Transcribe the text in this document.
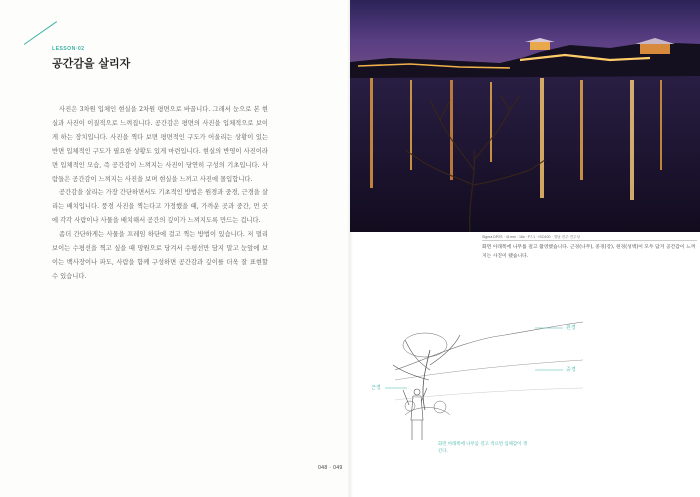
LESSON·02
공간감을 살리자

사진은 3차원 입체인 현실을 2차원 평면으로 바꿉니다. 그래서 눈으로 본 현실과 사진이 이질적으로 느껴집니다. 공간감은 평면의 사진을 입체적으로 보이게 하는 장치입니다. 사진을 찍다 보면 평면적인 구도가 어울리는 상황이 있는 반면 입체적인 구도가 필요한 상황도 있게 마련입니다. 현실의 반영이 사진이라면 입체적인 모습, 즉 공간감이 느껴지는 사진이 당연히 구성의 기초입니다. 사람들은 공간감이 느껴지는 사진을 보며 현실을 느끼고 사진에 몰입합니다.

공간감을 살리는 가장 간단하면서도 기초적인 방법은 원경과 중경, 근경을 살리는 배치입니다. 풍경 사진을 찍는다고 가정했을 때, 가까운 곳과 중간, 먼 곳에 각각 사람이나 사물을 배치해서 공간의 깊이가 느껴지도록 만드는 겁니다.

좀더 간단하게는 사물을 프레임 하단에 걸고 찍는 방법이 있습니다. 저 멀리 보이는 수평선을 찍고 싶을 때 망원으로 당겨서 수평선만 담지 말고 눈앞에 보이는 백사장이나 파도, 사람을 함께 구성하면 공간감과 깊이를 더욱 잘 표현할 수 있습니다.

048 · 049
Sigma DP2S · 41mm · 16s · F7.1 · ISO100 · 경남 진주 진주성
화면 아래쪽에 나무를 걸고 촬영했습니다. 근경(나무), 중경(강), 원경(성벽)이 모두 담겨 공간감이 느껴지는 사진이 됐습니다.
원경
중경
근경
화면 아래쪽에 나무를 걸고 적으면 입체감이 생긴다.
